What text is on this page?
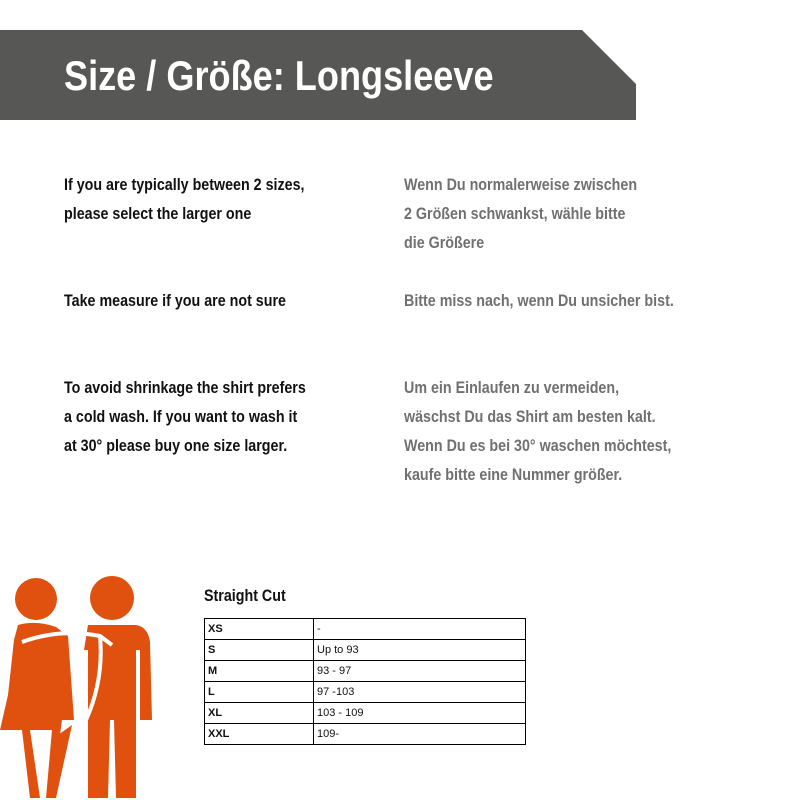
Size / Größe: Longsleeve

If you are typically between 2 sizes,
please select the larger one

Wenn Du normalerweise zwischen
2 Größen schwankst, wähle bitte
die Größere

Take measure if you are not sure	Bitte miss nach, wenn Du unsicher bist.

To avoid shrinkage the shirt prefers
a cold wash. If you want to wash it
at 30° please buy one size larger.

Um ein Einlaufen zu vermeiden,
wäschst Du das Shirt am besten kalt.
Wenn Du es bei 30° waschen möchtest,
kaufe bitte eine Nummer größer.

Straight Cut
XS	-
S	Up to 93
M	93 - 97
L	97 -103
XL	103 - 109
XXL	109-
